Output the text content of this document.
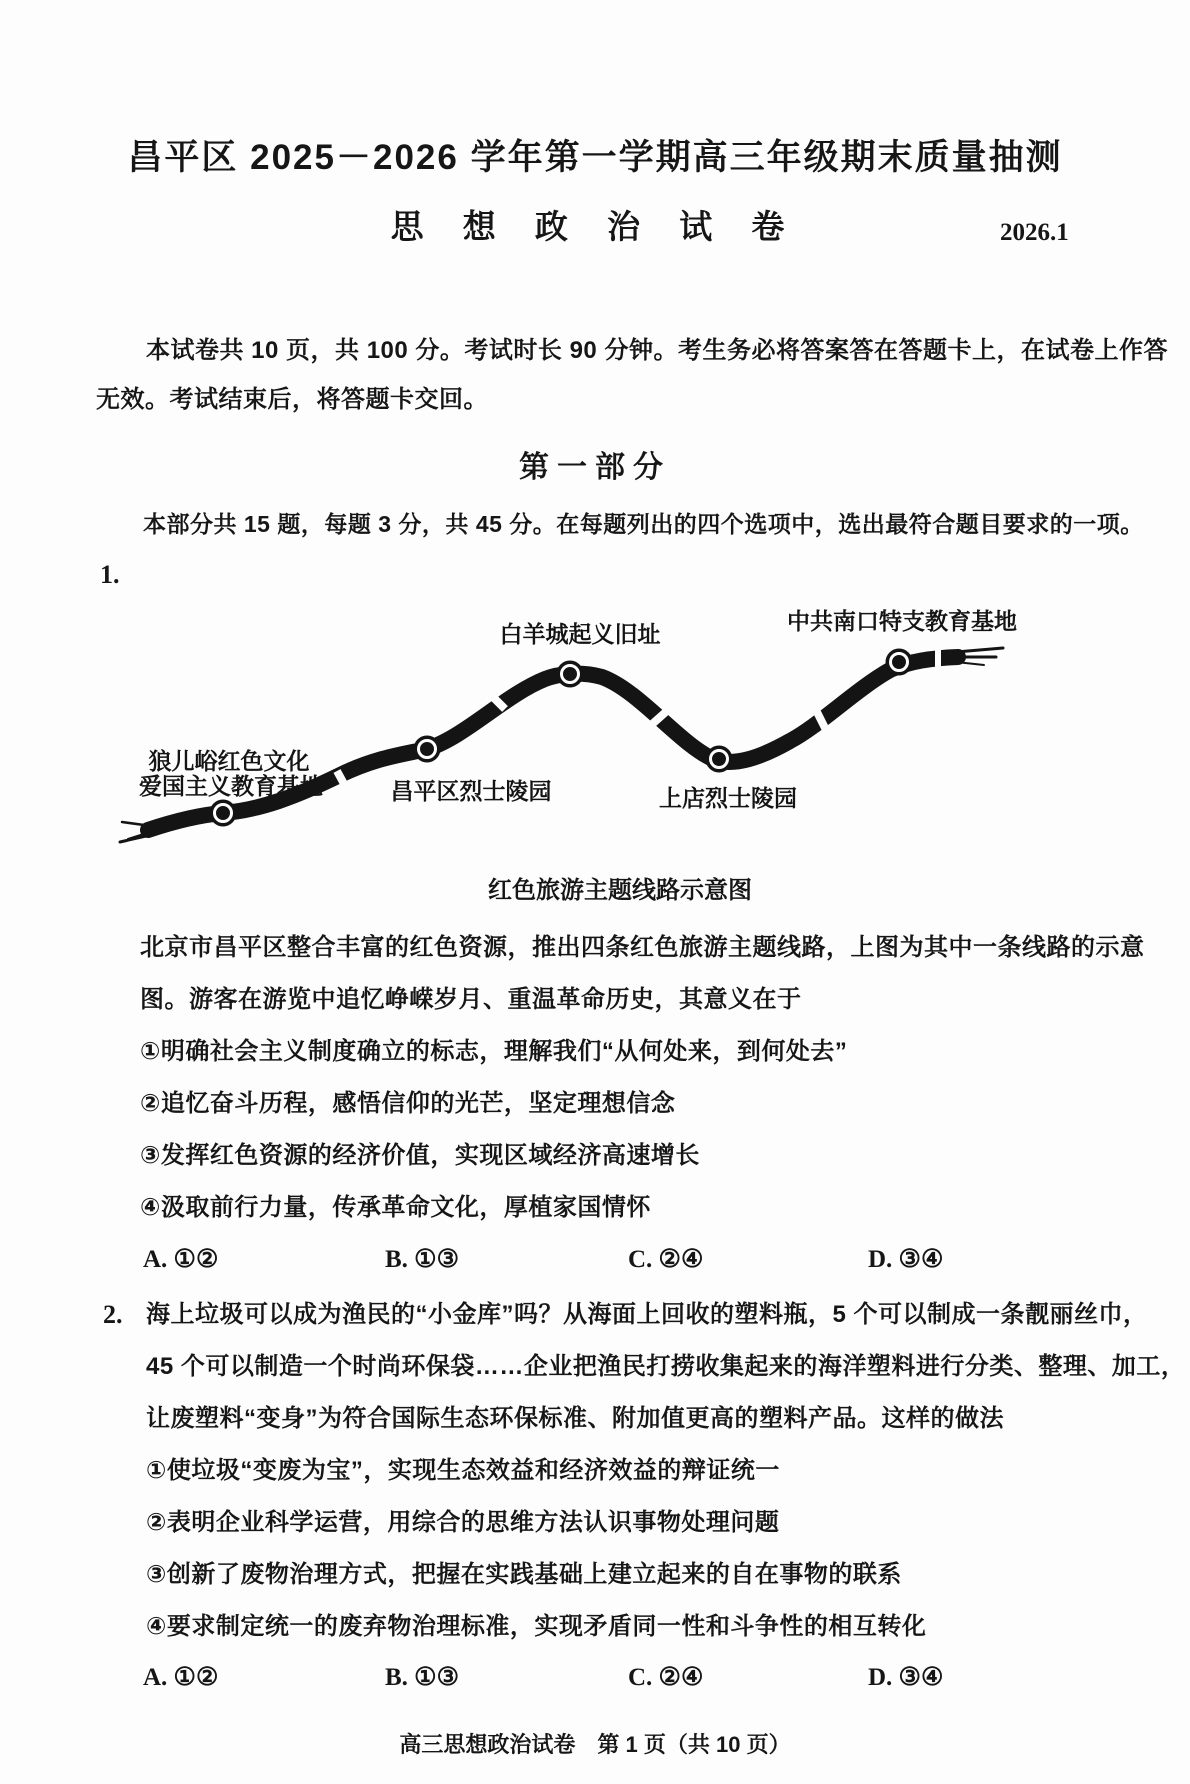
昌平区 2025－2026 学年第一学期高三年级期末质量抽测
思 想 政 治 试 卷	2026.1
本试卷共 10 页，共 100 分。考试时长 90 分钟。考生务必将答案答在答题卡上，在试卷上作答
无效。考试结束后，将答题卡交回。
第一部分
本部分共 15 题，每题 3 分，共 45 分。在每题列出的四个选项中，选出最符合题目要求的一项。
1.
白羊城起义旧址	中共南口特支教育基地
狼儿峪红色文化
爱国主义教育基地	昌平区烈士陵园	上店烈士陵园
红色旅游主题线路示意图
北京市昌平区整合丰富的红色资源，推出四条红色旅游主题线路，上图为其中一条线路的示意
图。游客在游览中追忆峥嵘岁月、重温革命历史，其意义在于
①明确社会主义制度确立的标志，理解我们“从何处来，到何处去”
②追忆奋斗历程，感悟信仰的光芒，坚定理想信念
③发挥红色资源的经济价值，实现区域经济高速增长
④汲取前行力量，传承革命文化，厚植家国情怀
A. ①②	B. ①③	C. ②④	D. ③④
2. 海上垃圾可以成为渔民的“小金库”吗？从海面上回收的塑料瓶，5 个可以制成一条靓丽丝巾，
45 个可以制造一个时尚环保袋……企业把渔民打捞收集起来的海洋塑料进行分类、整理、加工，
让废塑料“变身”为符合国际生态环保标准、附加值更高的塑料产品。这样的做法
①使垃圾“变废为宝”，实现生态效益和经济效益的辩证统一
②表明企业科学运营，用综合的思维方法认识事物处理问题
③创新了废物治理方式，把握在实践基础上建立起来的自在事物的联系
④要求制定统一的废弃物治理标准，实现矛盾同一性和斗争性的相互转化
A. ①②	B. ①③	C. ②④	D. ③④
高三思想政治试卷　第 1 页（共 10 页）
